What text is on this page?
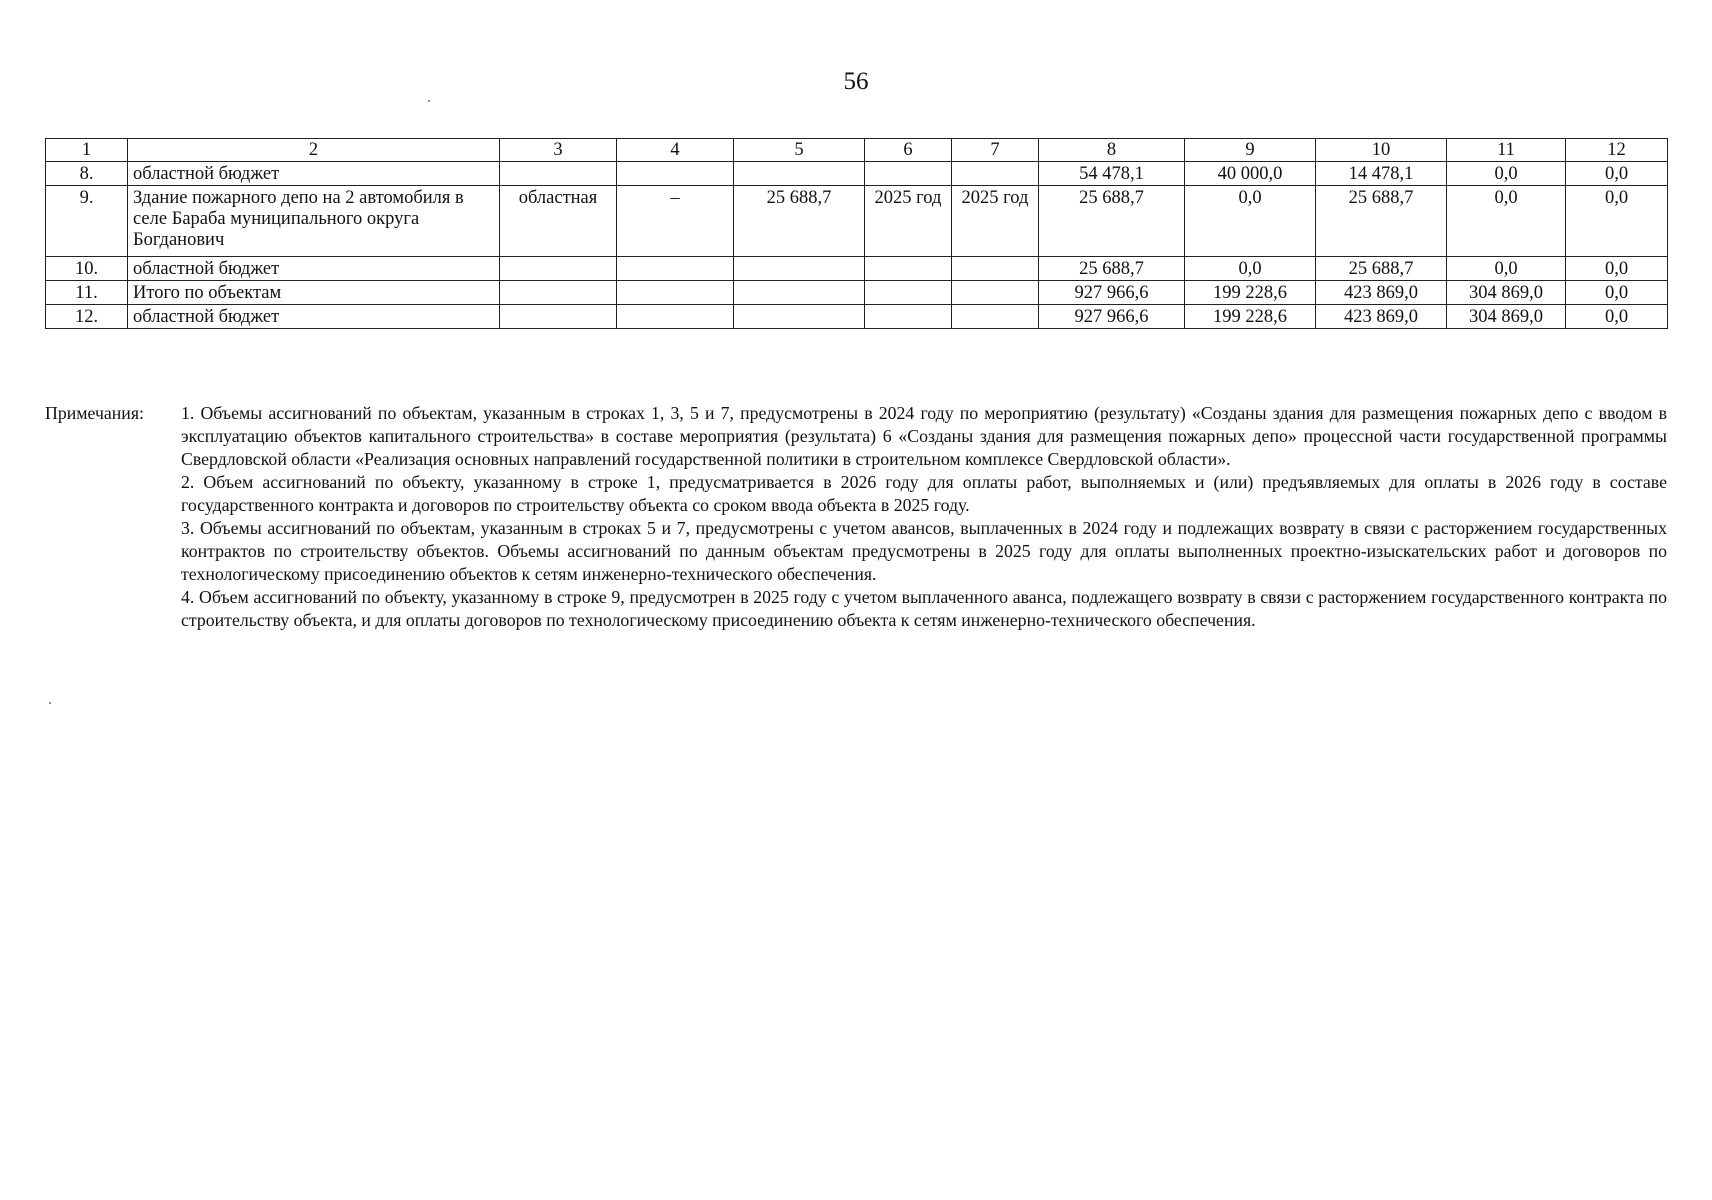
56
1	2	3	4	5	6	7	8	9	10	11	12
8.	областной бюджет						54 478,1	40 000,0	14 478,1	0,0	0,0
9.	Здание пожарного депо на 2 автомобиля в селе Бараба муниципального округа Богданович	областная	–	25 688,7	2025 год	2025 год	25 688,7	0,0	25 688,7	0,0	0,0
10.	областной бюджет						25 688,7	0,0	25 688,7	0,0	0,0
11.	Итого по объектам						927 966,6	199 228,6	423 869,0	304 869,0	0,0
12.	областной бюджет						927 966,6	199 228,6	423 869,0	304 869,0	0,0
Примечания: 1. Объемы ассигнований по объектам, указанным в строках 1, 3, 5 и 7, предусмотрены в 2024 году по мероприятию (результату) «Созданы здания для размещения пожарных депо с вводом в эксплуатацию объектов капитального строительства» в составе мероприятия (результата) 6 «Созданы здания для размещения пожарных депо» процессной части государственной программы Свердловской области «Реализация основных направлений государственной политики в строительном комплексе Свердловской области».

2. Объем ассигнований по объекту, указанному в строке 1, предусматривается в 2026 году для оплаты работ, выполняемых и (или) предъявляемых для оплаты в 2026 году в составе государственного контракта и договоров по строительству объекта со сроком ввода объекта в 2025 году.

3. Объемы ассигнований по объектам, указанным в строках 5 и 7, предусмотрены с учетом авансов, выплаченных в 2024 году и подлежащих возврату в связи с расторжением государственных контрактов по строительству объектов. Объемы ассигнований по данным объектам предусмотрены в 2025 году для оплаты выполненных проектно-изыскательских работ и договоров по технологическому присоединению объектов к сетям инженерно-технического обеспечения.

4. Объем ассигнований по объекту, указанному в строке 9, предусмотрен в 2025 году с учетом выплаченного аванса, подлежащего возврату в связи с расторжением государственного контракта по строительству объекта, и для оплаты договоров по технологическому присоединению объекта к сетям инженерно-технического обеспечения.
